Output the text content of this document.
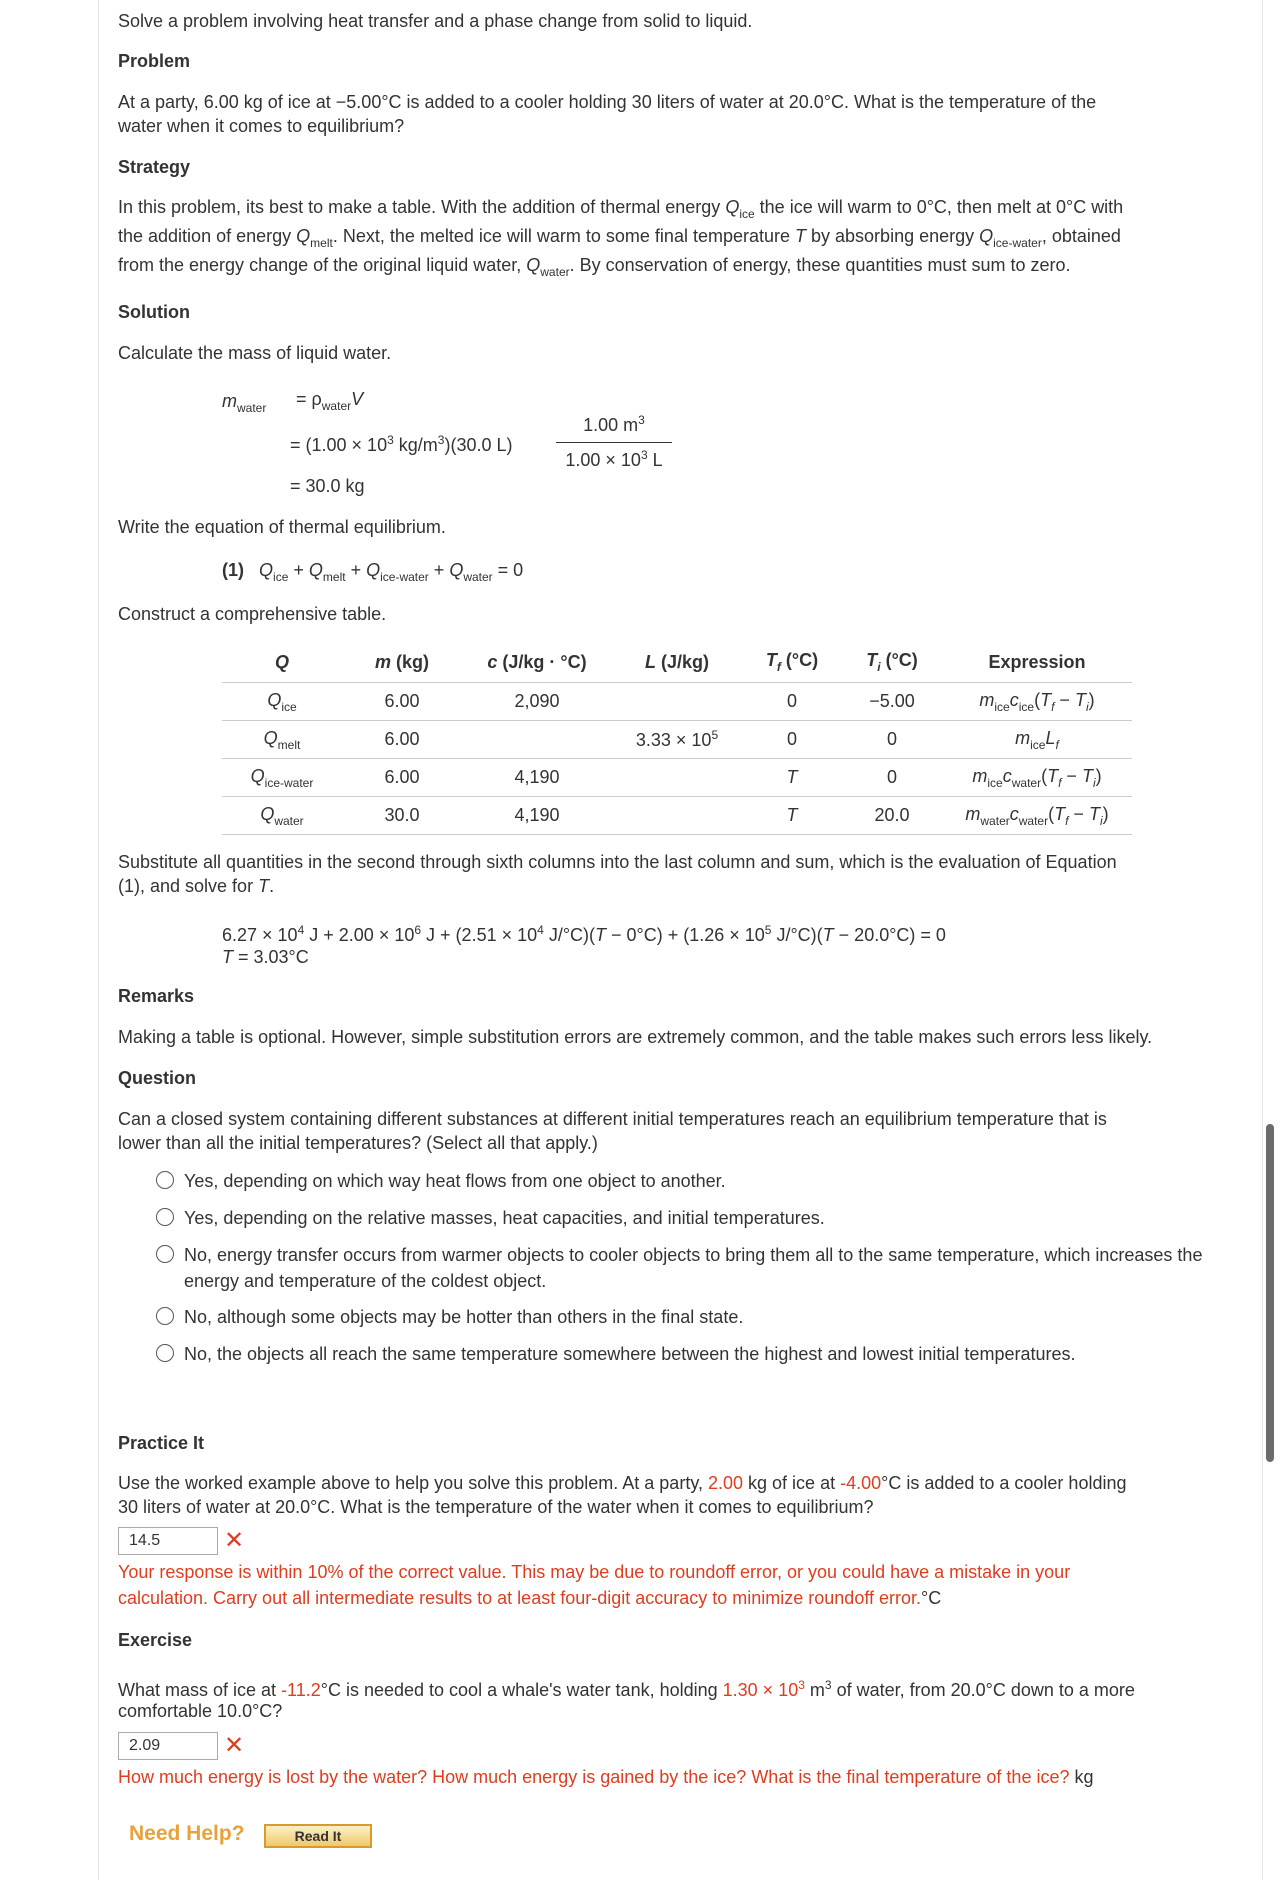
Solve a problem involving heat transfer and a phase change from solid to liquid.
Problem
At a party, 6.00 kg of ice at −5.00°C is added to a cooler holding 30 liters of water at 20.0°C. What is the temperature of the
water when it comes to equilibrium?
Strategy
In this problem, its best to make a table. With the addition of thermal energy $Q_{ice}$ the ice will warm to 0°C, then melt at 0°C with
the addition of energy $Q_{melt}$. Next, the melted ice will warm to some final temperature T by absorbing energy $Q_{ice-water}$, obtained
from the energy change of the original liquid water, $Q_{water}$. By conservation of energy, these quantities must sum to zero.
Solution
Calculate the mass of liquid water.
$m_{water} = \rho_{water}V$
= ($1.00 \times 10^3$ $kg/m^3)(30.0$ L)
1.00 $m^3$
$1.00 \times 10^3$ L
= 30.0 kg
Write the equation of thermal equilibrium.
(1) $Q_{ice} + Q_{melt} + Q_{ice-water} + Q_{water} = 0$
Construct a comprehensive table.
Q	m (kg)	c (J/kg · °C)	L (J/kg)	$T_f$ (°C)	$T_i$ (°C)	Expression
$Q_{ice}$	6.00	2,090		0	−5.00	$m_{ice}c_{ice}(T_f - T_i)$
$Q_{melt}$	6.00		$3.33 \times 10^5$	0	0	$m_{ice}L_f$
$Q_{ice-water}$	6.00	4,190		T	0	$m_{ice}c_{water}(T_f - T_i)$
$Q_{water}$	30.0	4,190		T	20.0	$m_{water}c_{water}(T_f - T_i)$
Substitute all quantities in the second through sixth columns into the last column and sum, which is the evaluation of Equation
(1), and solve for T.
$6.27 \times 10^4$ $J + 2.00 \times 10^6$ $J + (2.51 \times 10^4$ $J/^\circ C)(T - 0^\circ C) + (1.26 \times 10^5$ J/°C)(T − 20.0°C) = 0
T = 3.03°C
Remarks
Making a table is optional. However, simple substitution errors are extremely common, and the table makes such errors less likely.
Question
Can a closed system containing different substances at different initial temperatures reach an equilibrium temperature that is
lower than all the initial temperatures? (Select all that apply.)
Yes, depending on which way heat flows from one object to another.
Yes, depending on the relative masses, heat capacities, and initial temperatures.
No, energy transfer occurs from warmer objects to cooler objects to bring them all to the same temperature, which increases the energy and temperature of the coldest object.
No, although some objects may be hotter than others in the final state.
No, the objects all reach the same temperature somewhere between the highest and lowest initial temperatures.
Practice It
Use the worked example above to help you solve this problem. At a party, 2.00 kg of ice at -4.00°C is added to a cooler holding
30 liters of water at 20.0°C. What is the temperature of the water when it comes to equilibrium?
14.5	✕
Your response is within 10% of the correct value. This may be due to roundoff error, or you could have a mistake in your
calculation. Carry out all intermediate results to at least four-digit accuracy to minimize roundoff error.°C
Exercise
What mass of ice at -11.2°C is needed to cool a whale's water tank, holding $1.30 \times 10^3$ $m^3$ of water, from 20.0°C down to a more
comfortable 10.0°C?
2.09	✕
How much energy is lost by the water? How much energy is gained by the ice? What is the final temperature of the ice? kg
Need Help?	Read It
